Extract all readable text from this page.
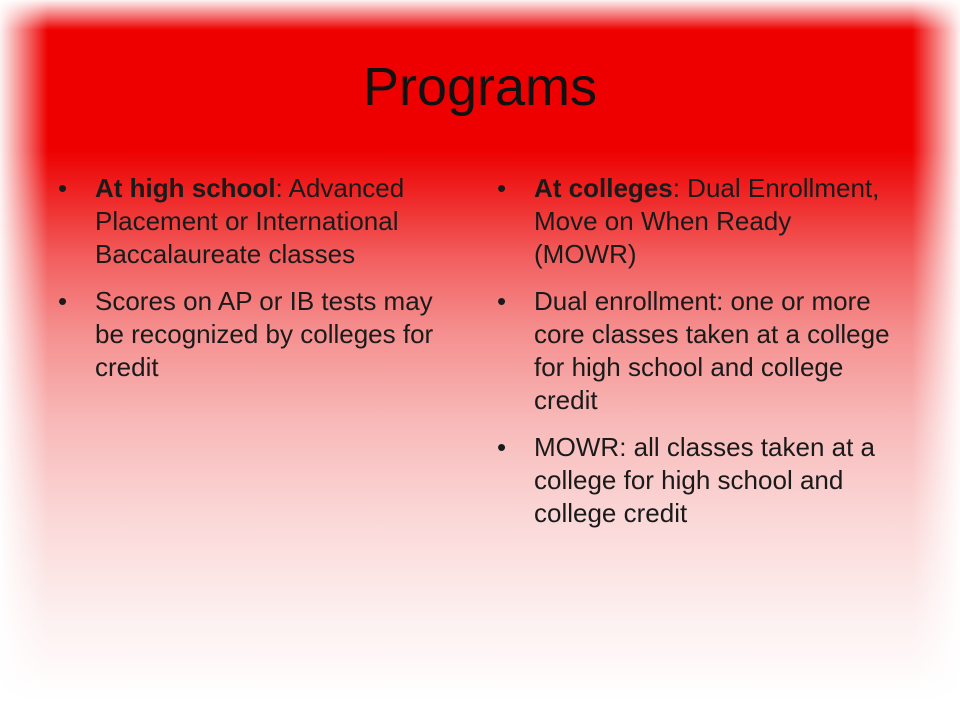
Programs
• At high school: Advanced Placement or International Baccalaureate classes
• Scores on AP or IB tests may be recognized by colleges for credit
• At colleges: Dual Enrollment, Move on When Ready (MOWR)
• Dual enrollment: one or more core classes taken at a college for high school and college credit
• MOWR: all classes taken at a college for high school and college credit
